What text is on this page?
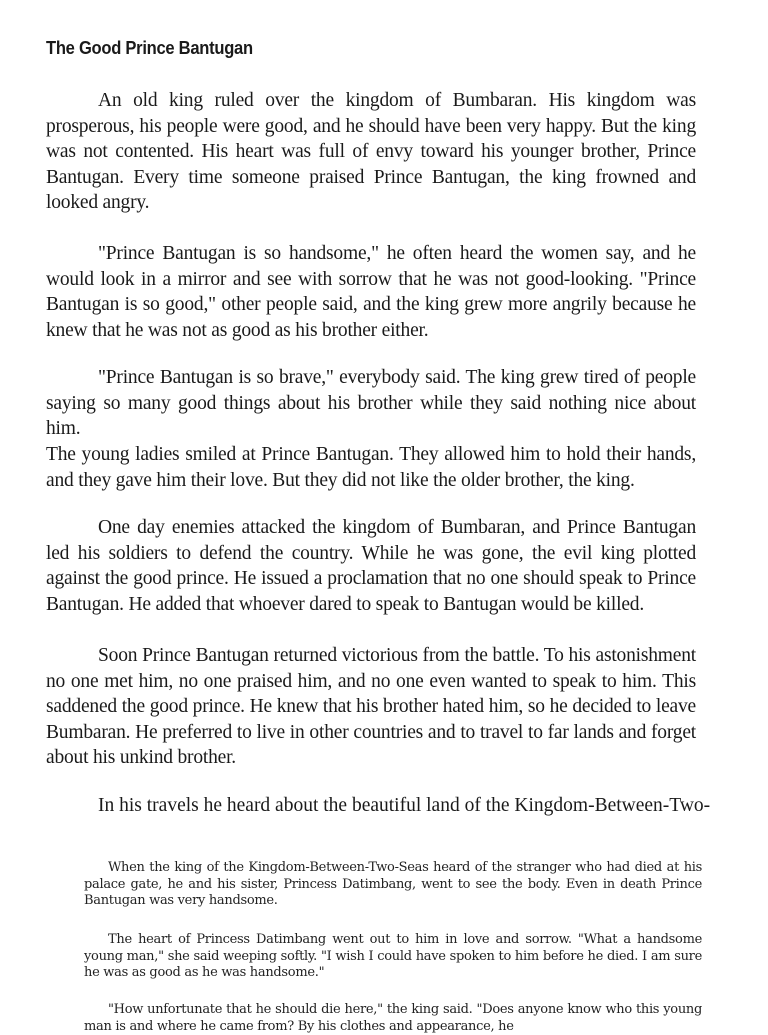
The Good Prince Bantugan

An old king ruled over the kingdom of Bumbaran. His kingdom was prosperous, his people were good, and he should have been very happy. But the king was not contented. His heart was full of envy toward his younger brother, Prince Bantugan. Every time someone praised Prince Bantugan, the king frowned and looked angry.

"Prince Bantugan is so handsome," he often heard the women say, and he would look in a mirror and see with sorrow that he was not good-looking. "Prince Bantugan is so good," other people said, and the king grew more angrily because he knew that he was not as good as his brother either.

"Prince Bantugan is so brave," everybody said. The king grew tired of people saying so many good things about his brother while they said nothing nice about him.

The young ladies smiled at Prince Bantugan. They allowed him to hold their hands, and they gave him their love. But they did not like the older brother, the king.

One day enemies attacked the kingdom of Bumbaran, and Prince Bantugan led his soldiers to defend the country. While he was gone, the evil king plotted against the good prince. He issued a proclamation that no one should speak to Prince Bantugan. He added that whoever dared to speak to Bantugan would be killed.

Soon Prince Bantugan returned victorious from the battle. To his astonishment no one met him, no one praised him, and no one even wanted to speak to him. This saddened the good prince. He knew that his brother hated him, so he decided to leave Bumbaran. He preferred to live in other countries and to travel to far lands and forget about his unkind brother.

In his travels he heard about the beautiful land of the Kingdom-Between-Two-

When the king of the Kingdom-Between-Two-Seas heard of the stranger who had died at his palace gate, he and his sister, Princess Datimbang, went to see the body. Even in death Prince Bantugan was very handsome.

The heart of Princess Datimbang went out to him in love and sorrow. "What a handsome young man," she said weeping softly. "I wish I could have spoken to him before he died. I am sure he was as good as he was handsome."

"How unfortunate that he should die here," the king said. "Does anyone know who this young man is and where he came from? By his clothes and appearance, he
